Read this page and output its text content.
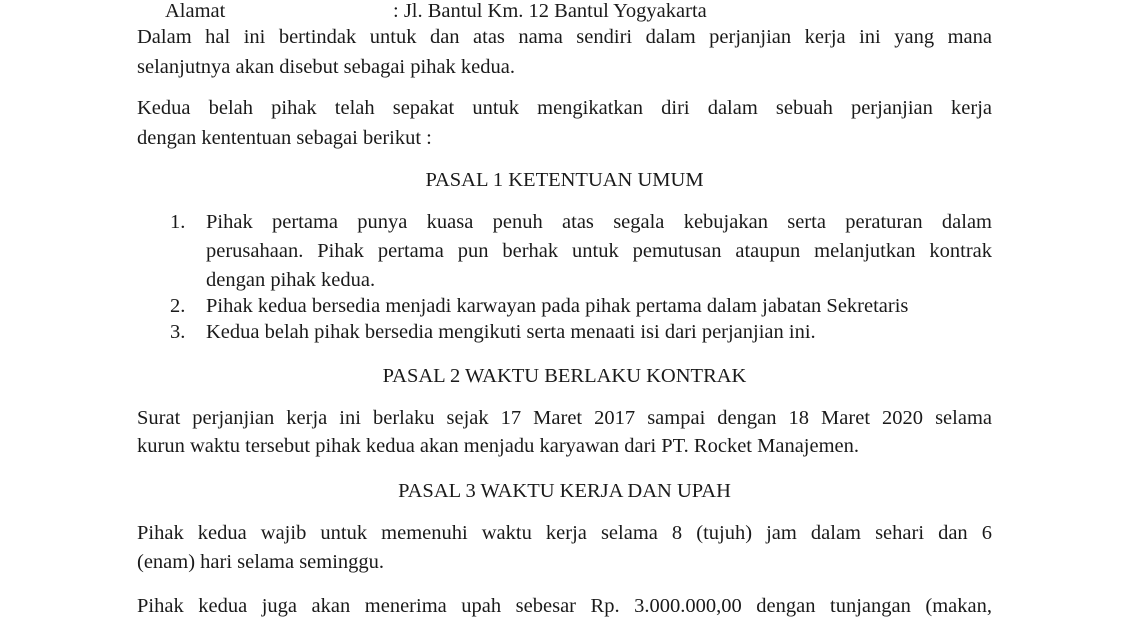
Alamat	: Jl. Bantul Km. 12 Bantul Yogyakarta
Dalam hal ini bertindak untuk dan atas nama sendiri dalam perjanjian kerja ini yang mana
selanjutnya akan disebut sebagai pihak kedua.
Kedua belah pihak telah sepakat untuk mengikatkan diri dalam sebuah perjanjian kerja
dengan kententuan sebagai berikut :
PASAL 1 KETENTUAN UMUM
1. Pihak pertama punya kuasa penuh atas segala kebujakan serta peraturan dalam
perusahaan. Pihak pertama pun berhak untuk pemutusan ataupun melanjutkan kontrak
dengan pihak kedua.
2. Pihak kedua bersedia menjadi karwayan pada pihak pertama dalam jabatan Sekretaris
3. Kedua belah pihak bersedia mengikuti serta menaati isi dari perjanjian ini.
PASAL 2 WAKTU BERLAKU KONTRAK
Surat perjanjian kerja ini berlaku sejak 17 Maret 2017 sampai dengan 18 Maret 2020 selama
kurun waktu tersebut pihak kedua akan menjadu karyawan dari PT. Rocket Manajemen.
PASAL 3 WAKTU KERJA DAN UPAH
Pihak kedua wajib untuk memenuhi waktu kerja selama 8 (tujuh) jam dalam sehari dan 6
(enam) hari selama seminggu.
Pihak kedua juga akan menerima upah sebesar Rp. 3.000.000,00 dengan tunjangan (makan,
